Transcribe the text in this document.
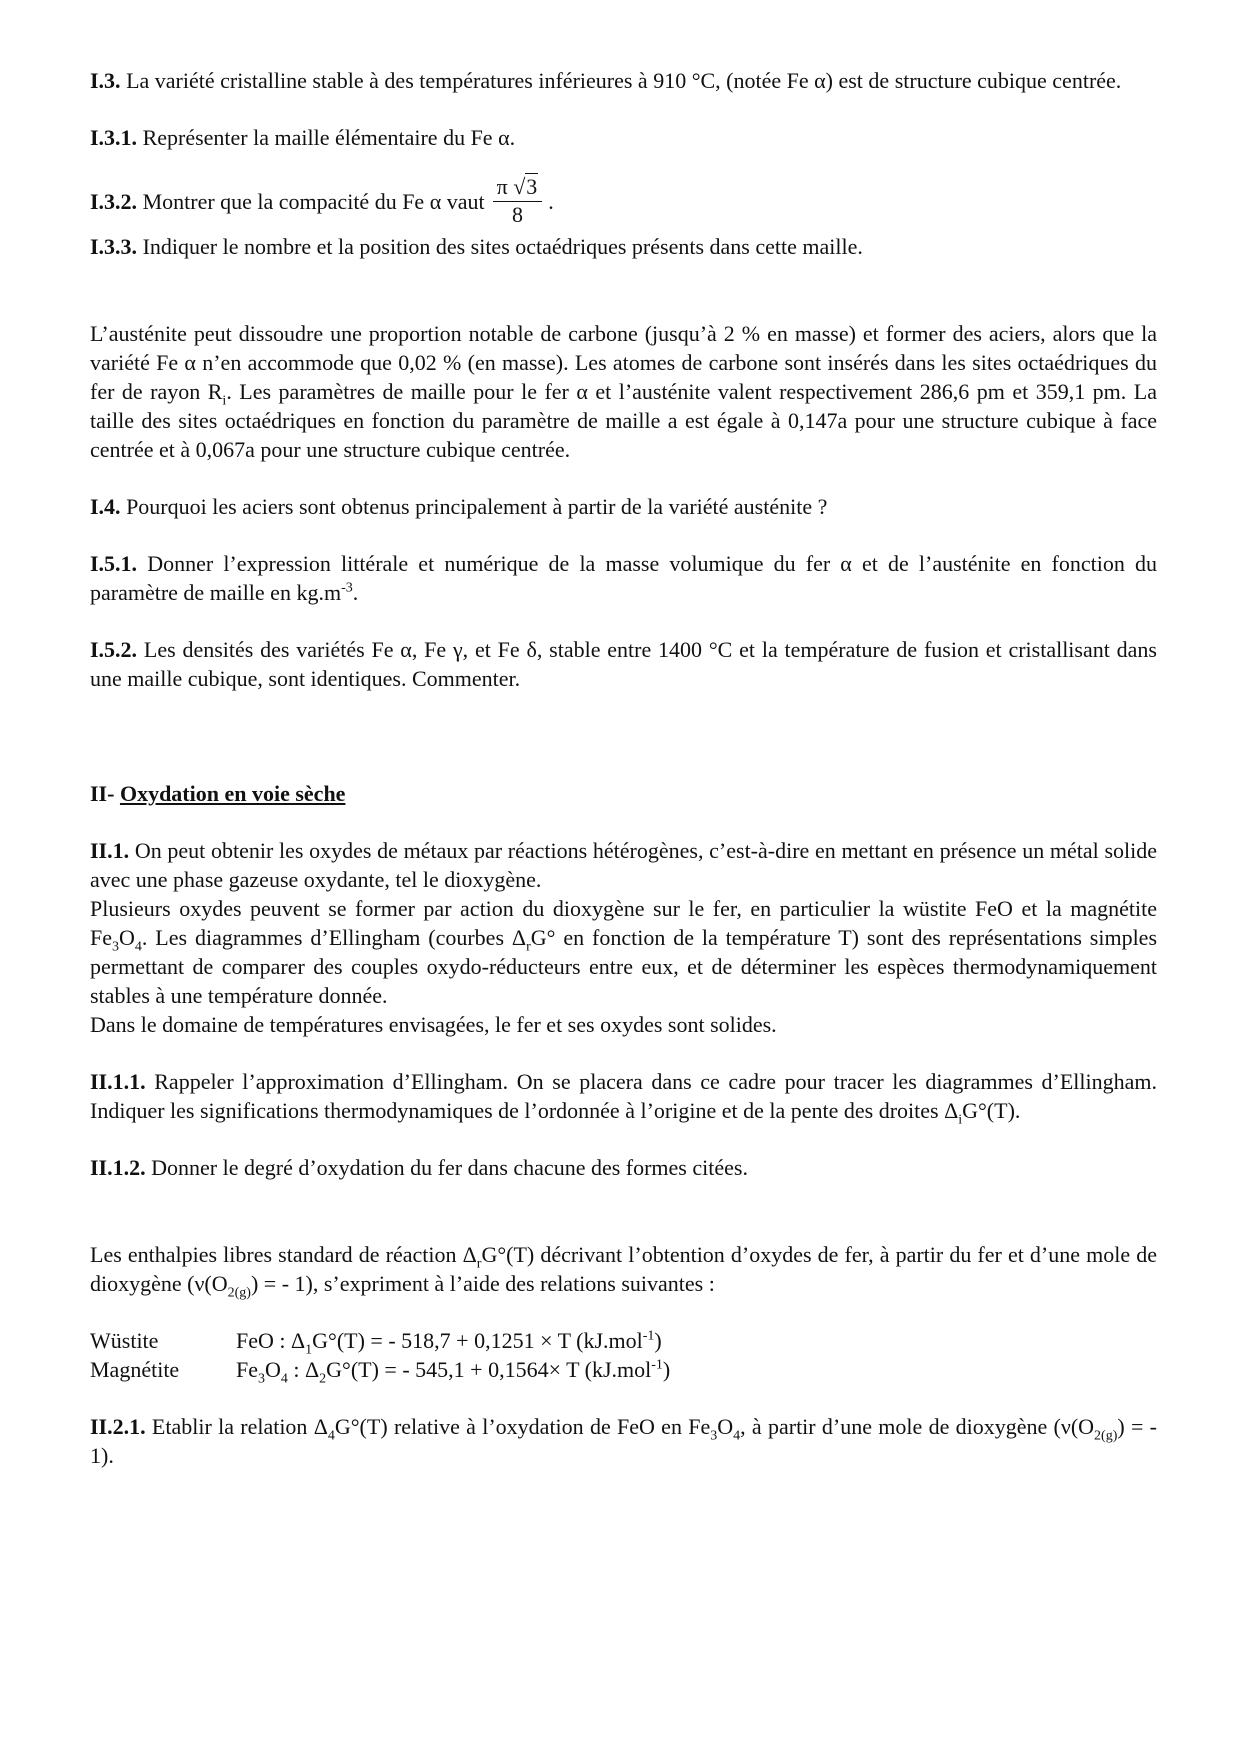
I.3. La variété cristalline stable à des températures inférieures à 910 °C, (notée Fe α) est de structure cubique centrée.

I.3.1. Représenter la maille élémentaire du Fe α.

I.3.2.
Montrer que la compacité du Fe α vaut $\frac{\pi √3}{8}$ .

I.3.3. Indiquer le nombre et la position des sites octaédriques présents dans cette maille.

L’austénite peut dissoudre une proportion notable de carbone (jusqu’à 2 % en masse) et former des aciers, alors que la variété Fe α n’en accommode que 0,02 % (en masse). Les atomes de carbone sont insérés dans les sites octaédriques du fer de rayon $R_i$. Les paramètres de maille pour le fer α et l’austénite valent respectivement 286,6 pm et 359,1 pm. La taille des sites octaédriques en fonction du paramètre de maille a est égale à 0,147a pour une structure cubique à face centrée et à 0,067a pour une structure cubique centrée.

I.4. Pourquoi les aciers sont obtenus principalement à partir de la variété austénite ?

I.5.1. Donner l’expression littérale et numérique de la masse volumique du fer α et de l’austénite en fonction du paramètre de maille en $kg.m^{-3}$.

I.5.2. Les densités des variétés Fe α, Fe γ, et Fe δ, stable entre 1400 °C et la température de fusion et cristallisant dans une maille cubique, sont identiques. Commenter.

II- Oxydation en voie sèche

II.1. On peut obtenir les oxydes de métaux par réactions hétérogènes, c’est-à-dire en mettant en présence un métal solide avec une phase gazeuse oxydante, tel le dioxygène.

Plusieurs oxydes peuvent se former par action du dioxygène sur le fer, en particulier la wüstite FeO et la magnétite $Fe_3O_4$. Les diagrammes d’Ellingham (courbes $\Delta_rG^\circ$ en fonction de la température T) sont des représentations simples permettant de comparer des couples oxydo-réducteurs entre eux, et de déterminer les espèces thermodynamiquement stables à une température donnée.

Dans le domaine de températures envisagées, le fer et ses oxydes sont solides.

II.1.1. Rappeler l’approximation d’Ellingham. On se placera dans ce cadre pour tracer les diagrammes d’Ellingham. Indiquer les significations thermodynamiques de l’ordonnée à l’origine et de la pente des droites $\Delta_iG^\circ(T)$.

II.1.2. Donner le degré d’oxydation du fer dans chacune des formes citées.

Les enthalpies libres standard de réaction $\Delta_rG^\circ(T)$ décrivant l’obtention d’oxydes de fer, à partir du fer et d’une mole de dioxygène ($\nu(O_{2(g)})$ = - 1), s’expriment à l’aide des relations suivantes :

Wüstite	FeO : $\Delta_1G^\circ(T)$ = - 518,7 + 0,1251 × T (kJ.mol$^{-1}$)
Magnétite	$Fe_3O_4$ : $\Delta_2G^\circ(T)$ = - 545,1 + 0,1564× T (kJ.mol$^{-1}$)

II.2.1. Etablir la relation $\Delta_4G^\circ(T)$ relative à l’oxydation de FeO en $Fe_3O_4$, à partir d’une mole de dioxygène ($\nu(O_{2(g)})$ = - 1).
